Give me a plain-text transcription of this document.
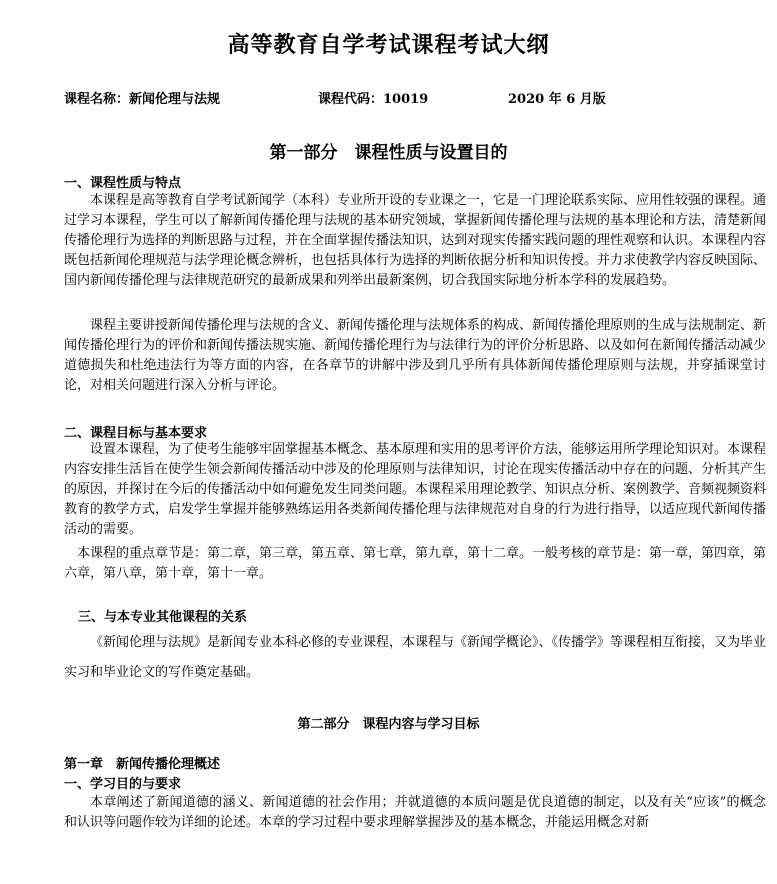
高等教育自学考试课程考试大纲
课程名称：新闻伦理与法规	课程代码：10019	2020 年 6 月版
第一部分　课程性质与设置目的
一、课程性质与特点

本课程是高等教育自学考试新闻学（本科）专业所开设的专业课之一，它是一门理论联系实际、应用性较强的课程。通过学习本课程，学生可以了解新闻传播伦理与法规的基本研究领域，掌握新闻传播伦理与法规的基本理论和方法，清楚新闻传播伦理行为选择的判断思路与过程，并在全面掌握传播法知识，达到对现实传播实践问题的理性观察和认识。本课程内容既包括新闻伦理规范与法学理论概念辨析，也包括具体行为选择的判断依据分析和知识传授。并力求使教学内容反映国际、国内新闻传播伦理与法律规范研究的最新成果和列举出最新案例，切合我国实际地分析本学科的发展趋势。

课程主要讲授新闻传播伦理与法规的含义、新闻传播伦理与法规体系的构成、新闻传播伦理原则的生成与法规制定、新闻传播伦理行为的评价和新闻传播法规实施、新闻传播伦理行为与法律行为的评价分析思路、以及如何在新闻传播活动减少道德损失和杜绝违法行为等方面的内容，在各章节的讲解中涉及到几乎所有具体新闻传播伦理原则与法规，并穿插课堂讨论，对相关问题进行深入分析与评论。

二、课程目标与基本要求

设置本课程，为了使考生能够牢固掌握基本概念、基本原理和实用的思考评价方法，能够运用所学理论知识对。本课程内容安排生活旨在使学生领会新闻传播活动中涉及的伦理原则与法律知识，讨论在现实传播活动中存在的问题、分析其产生的原因，并探讨在今后的传播活动中如何避免发生同类问题。本课程采用理论教学、知识点分析、案例教学、音频视频资料教育的教学方式，启发学生掌握并能够熟练运用各类新闻传播伦理与法律规范对自身的行为进行指导，以适应现代新闻传播活动的需要。

本课程的重点章节是：第二章，第三章，第五章、第七章，第九章，第十二章。一般考核的章节是：第一章，第四章，第六章，第八章，第十章，第十一章。

三、与本专业其他课程的关系

《新闻伦理与法规》是新闻专业本科必修的专业课程，本课程与《新闻学概论》、《传播学》等课程相互衔接，又为毕业实习和毕业论文的写作奠定基础。

第二部分　课程内容与学习目标
第一章　新闻传播伦理概述
一、学习目的与要求

本章阐述了新闻道德的涵义、新闻道德的社会作用；并就道德的本质问题是优良道德的制定，以及有关“应该”的概念和认识等问题作较为详细的论述。本章的学习过程中要求理解掌握涉及的基本概念，并能运用概念对新
